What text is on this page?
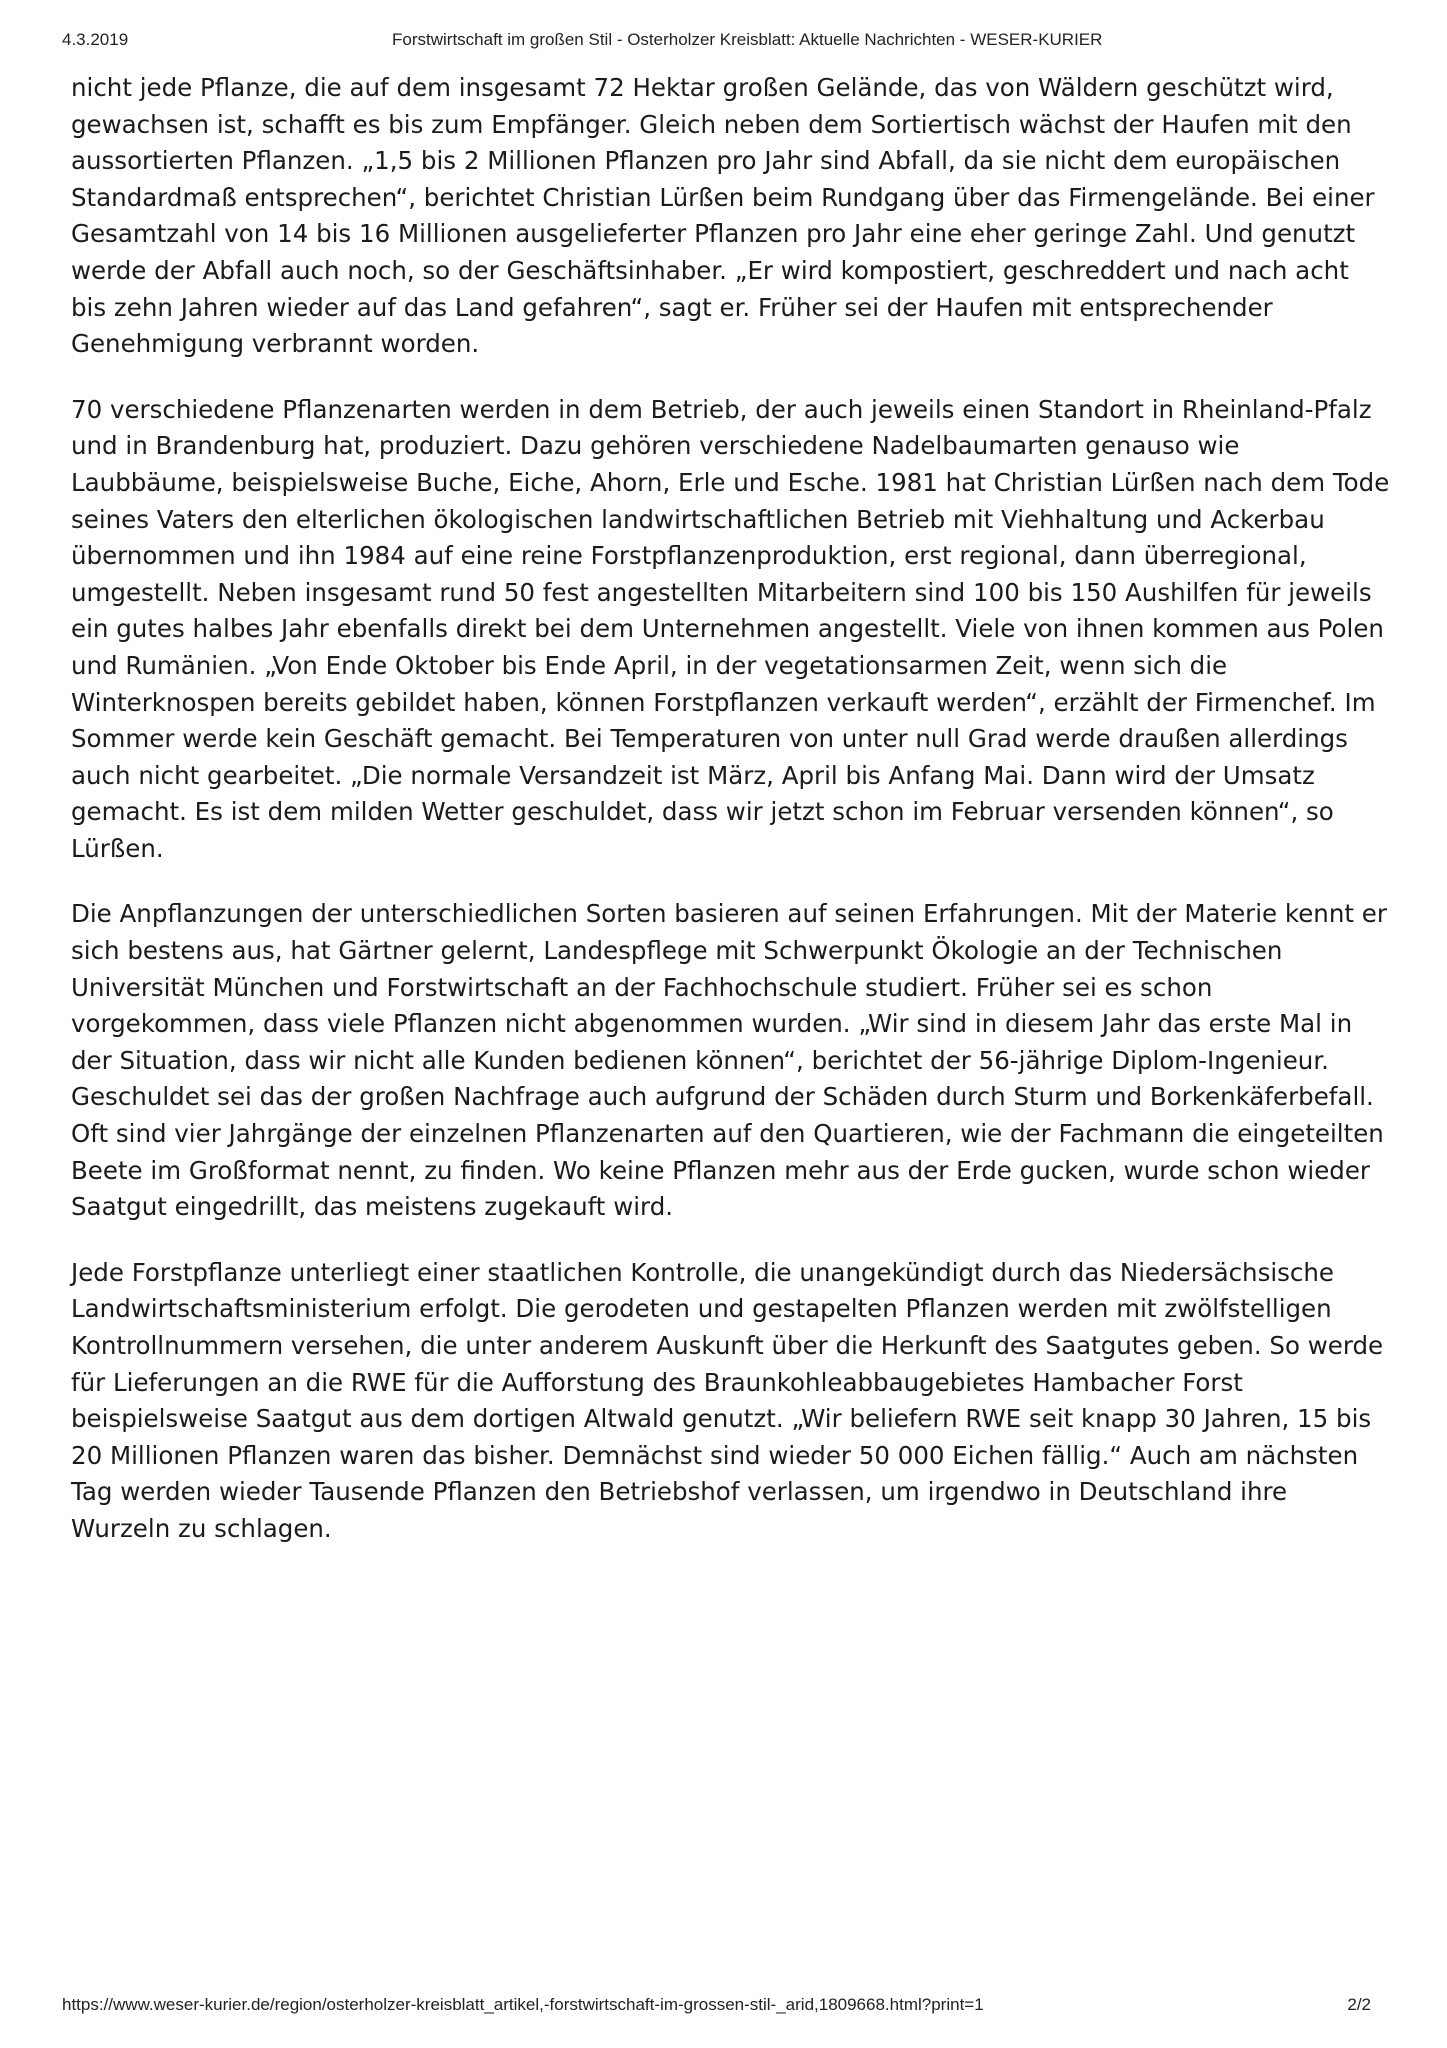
4.3.2019	Forstwirtschaft im großen Stil - Osterholzer Kreisblatt: Aktuelle Nachrichten - WESER-KURIER

nicht jede Pflanze, die auf dem insgesamt 72 Hektar großen Gelände, das von Wäldern geschützt wird, gewachsen ist, schafft es bis zum Empfänger. Gleich neben dem Sortiertisch wächst der Haufen mit den aussortierten Pflanzen. „1,5 bis 2 Millionen Pflanzen pro Jahr sind Abfall, da sie nicht dem europäischen Standardmaß entsprechen“, berichtet Christian Lürßen beim Rundgang über das Firmengelände. Bei einer Gesamtzahl von 14 bis 16 Millionen ausgelieferter Pflanzen pro Jahr eine eher geringe Zahl. Und genutzt werde der Abfall auch noch, so der Geschäftsinhaber. „Er wird kompostiert, geschreddert und nach acht bis zehn Jahren wieder auf das Land gefahren“, sagt er. Früher sei der Haufen mit entsprechender Genehmigung verbrannt worden.

70 verschiedene Pflanzenarten werden in dem Betrieb, der auch jeweils einen Standort in Rheinland-Pfalz und in Brandenburg hat, produziert. Dazu gehören verschiedene Nadelbaumarten genauso wie Laubbäume, beispielsweise Buche, Eiche, Ahorn, Erle und Esche. 1981 hat Christian Lürßen nach dem Tode seines Vaters den elterlichen ökologischen landwirtschaftlichen Betrieb mit Viehhaltung und Ackerbau übernommen und ihn 1984 auf eine reine Forstpflanzenproduktion, erst regional, dann überregional, umgestellt. Neben insgesamt rund 50 fest angestellten Mitarbeitern sind 100 bis 150 Aushilfen für jeweils ein gutes halbes Jahr ebenfalls direkt bei dem Unternehmen angestellt. Viele von ihnen kommen aus Polen und Rumänien. „Von Ende Oktober bis Ende April, in der vegetationsarmen Zeit, wenn sich die Winterknospen bereits gebildet haben, können Forstpflanzen verkauft werden“, erzählt der Firmenchef. Im Sommer werde kein Geschäft gemacht. Bei Temperaturen von unter null Grad werde draußen allerdings auch nicht gearbeitet. „Die normale Versandzeit ist März, April bis Anfang Mai. Dann wird der Umsatz gemacht. Es ist dem milden Wetter geschuldet, dass wir jetzt schon im Februar versenden können“, so Lürßen.

Die Anpflanzungen der unterschiedlichen Sorten basieren auf seinen Erfahrungen. Mit der Materie kennt er sich bestens aus, hat Gärtner gelernt, Landespflege mit Schwerpunkt Ökologie an der Technischen Universität München und Forstwirtschaft an der Fachhochschule studiert. Früher sei es schon vorgekommen, dass viele Pflanzen nicht abgenommen wurden. „Wir sind in diesem Jahr das erste Mal in der Situation, dass wir nicht alle Kunden bedienen können“, berichtet der 56-jährige Diplom-Ingenieur. Geschuldet sei das der großen Nachfrage auch aufgrund der Schäden durch Sturm und Borkenkäferbefall. Oft sind vier Jahrgänge der einzelnen Pflanzenarten auf den Quartieren, wie der Fachmann die eingeteilten Beete im Großformat nennt, zu finden. Wo keine Pflanzen mehr aus der Erde gucken, wurde schon wieder Saatgut eingedrillt, das meistens zugekauft wird.

Jede Forstpflanze unterliegt einer staatlichen Kontrolle, die unangekündigt durch das Niedersächsische Landwirtschaftsministerium erfolgt. Die gerodeten und gestapelten Pflanzen werden mit zwölfstelligen Kontrollnummern versehen, die unter anderem Auskunft über die Herkunft des Saatgutes geben. So werde für Lieferungen an die RWE für die Aufforstung des Braunkohleabbaugebietes Hambacher Forst beispielsweise Saatgut aus dem dortigen Altwald genutzt. „Wir beliefern RWE seit knapp 30 Jahren, 15 bis 20 Millionen Pflanzen waren das bisher. Demnächst sind wieder 50 000 Eichen fällig.“ Auch am nächsten Tag werden wieder Tausende Pflanzen den Betriebshof verlassen, um irgendwo in Deutschland ihre Wurzeln zu schlagen.

https://www.weser-kurier.de/region/osterholzer-kreisblatt_artikel,-forstwirtschaft-im-grossen-stil-_arid,1809668.html?print=1	2/2
